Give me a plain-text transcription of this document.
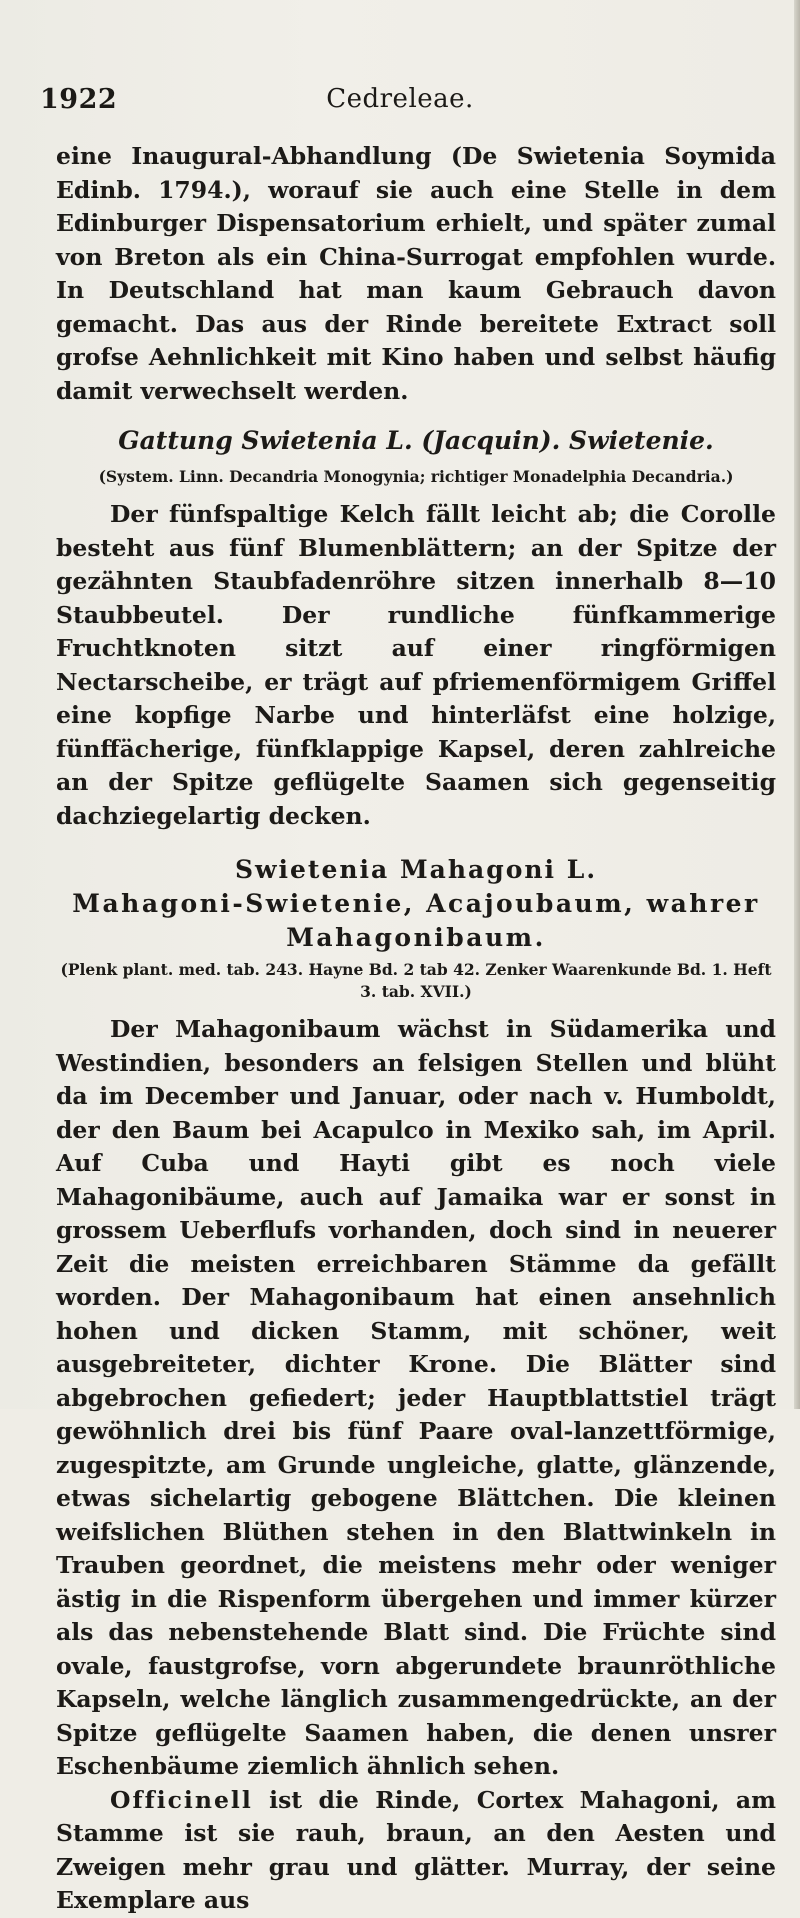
1922	Cedreleae.

eine Inaugural-Abhandlung (De Swietenia Soymida Edinb. 1794.), worauf sie auch eine Stelle in dem Edinburger Dispensatorium erhielt, und später zumal von Breton als ein China-Surrogat empfohlen wurde. In Deutschland hat man kaum Gebrauch davon gemacht. Das aus der Rinde bereitete Extract soll grofse Aehnlichkeit mit Kino haben und selbst häufig damit verwechselt werden.

Gattung Swietenia L. (Jacquin). Swietenie.
(System. Linn. Decandria Monogynia; richtiger Monadelphia Decandria.)

Der fünfspaltige Kelch fällt leicht ab; die Corolle besteht aus fünf Blumenblättern; an der Spitze der gezähnten Staubfadenröhre sitzen innerhalb 8—10 Staubbeutel. Der rundliche fünfkammerige Fruchtknoten sitzt auf einer ringförmigen Nectarscheibe, er trägt auf pfriemenförmigem Griffel eine kopfige Narbe und hinterläfst eine holzige, fünffächerige, fünfklappige Kapsel, deren zahlreiche an der Spitze geflügelte Saamen sich gegenseitig dachziegelartig decken.

Swietenia Mahagoni L.
Mahagoni-Swietenie, Acajoubaum, wahrer Mahagonibaum.
(Plenk plant. med. tab. 243. Hayne Bd. 2 tab 42. Zenker Waarenkunde Bd. 1. Heft 3. tab. XVII.)

Der Mahagonibaum wächst in Südamerika und Westindien, besonders an felsigen Stellen und blüht da im December und Januar, oder nach v. Humboldt, der den Baum bei Acapulco in Mexiko sah, im April. Auf Cuba und Hayti gibt es noch viele Mahagonibäume, auch auf Jamaika war er sonst in grossem Ueberflufs vorhanden, doch sind in neuerer Zeit die meisten erreichbaren Stämme da gefällt worden. Der Mahagonibaum hat einen ansehnlich hohen und dicken Stamm, mit schöner, weit ausgebreiteter, dichter Krone. Die Blätter sind abgebrochen gefiedert; jeder Hauptblattstiel trägt gewöhnlich drei bis fünf Paare oval-lanzettförmige, zugespitzte, am Grunde ungleiche, glatte, glänzende, etwas sichelartig gebogene Blättchen. Die kleinen weifslichen Blüthen stehen in den Blattwinkeln in Trauben geordnet, die meistens mehr oder weniger ästig in die Rispenform übergehen und immer kürzer als das nebenstehende Blatt sind. Die Früchte sind ovale, faustgrofse, vorn abgerundete braunröthliche Kapseln, welche länglich zusammengedrückte, an der Spitze geflügelte Saamen haben, die denen unsrer Eschenbäume ziemlich ähnlich sehen.

Officinell ist die Rinde, Cortex Mahagoni, am Stamme ist sie rauh, braun, an den Aesten und Zweigen mehr grau und glätter. Murray, der seine Exemplare aus
